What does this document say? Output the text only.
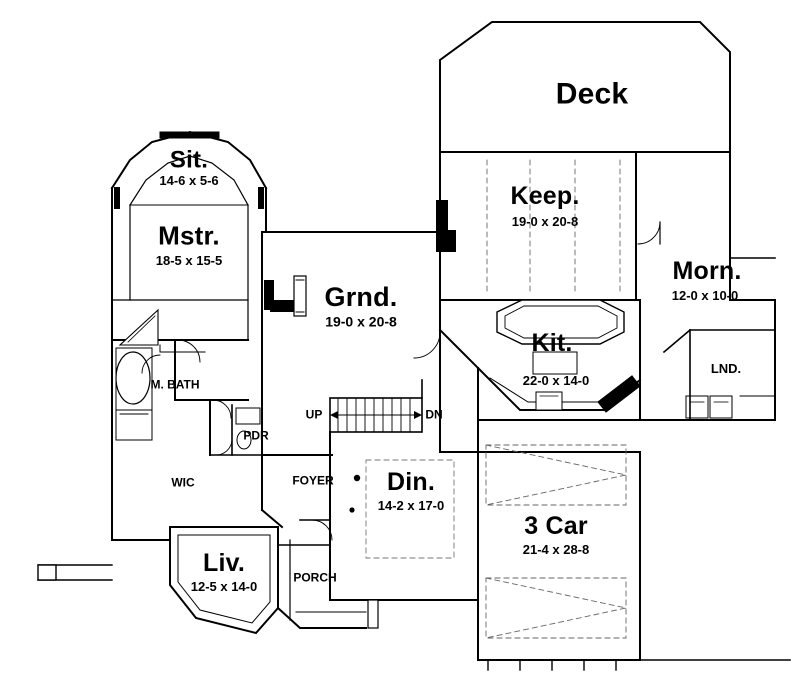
Deck
Sit.
14-6 x 5-6
Keep.
19-0 x 20-8
Mstr.
18-5 x 15-5	Morn.
12-0 x 10-0
Grnd.
19-0 x 20-8
Kit.
22-0 x 14-0
Din.
14-2 x 17-0
3 Car
21-4 x 28-8
Liv.
12-5 x 14-0
M. BATH
LND.
UP	DN
PDR
WIC	FOYER
PORCH
